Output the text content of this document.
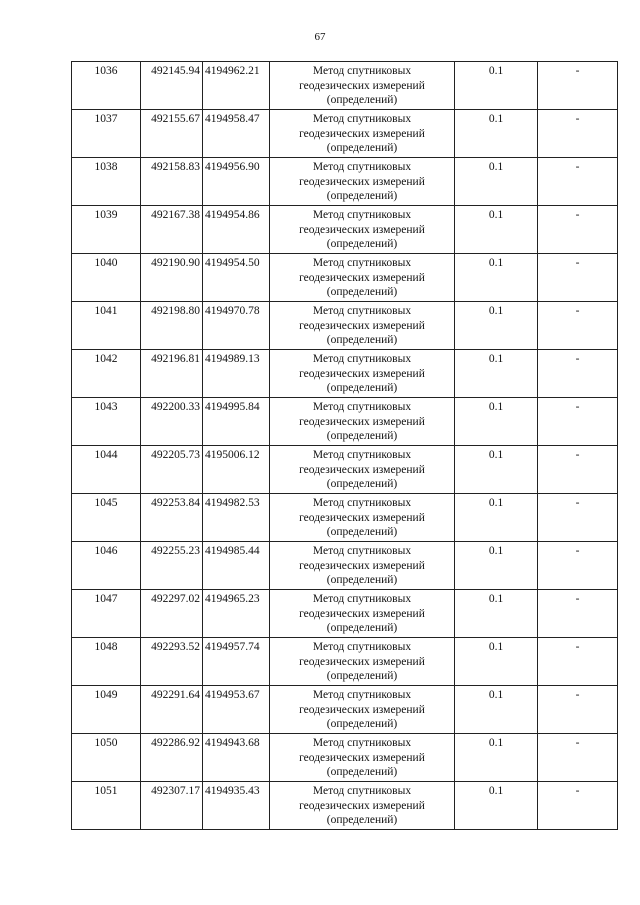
67
1036	492145.94	4194962.21	Метод спутниковых
геодезических измерений
(определений)	0.1	-
1037	492155.67	4194958.47	Метод спутниковых
геодезических измерений
(определений)	0.1	-
1038	492158.83	4194956.90	Метод спутниковых
геодезических измерений
(определений)	0.1	-
1039	492167.38	4194954.86	Метод спутниковых
геодезических измерений
(определений)	0.1	-
1040	492190.90	4194954.50	Метод спутниковых
геодезических измерений
(определений)	0.1	-
1041	492198.80	4194970.78	Метод спутниковых
геодезических измерений
(определений)	0.1	-
1042	492196.81	4194989.13	Метод спутниковых
геодезических измерений
(определений)	0.1	-
1043	492200.33	4194995.84	Метод спутниковых
геодезических измерений
(определений)	0.1	-
1044	492205.73	4195006.12	Метод спутниковых
геодезических измерений
(определений)	0.1	-
1045	492253.84	4194982.53	Метод спутниковых
геодезических измерений
(определений)	0.1	-
1046	492255.23	4194985.44	Метод спутниковых
геодезических измерений
(определений)	0.1	-
1047	492297.02	4194965.23	Метод спутниковых
геодезических измерений
(определений)	0.1	-
1048	492293.52	4194957.74	Метод спутниковых
геодезических измерений
(определений)	0.1	-
1049	492291.64	4194953.67	Метод спутниковых
геодезических измерений
(определений)	0.1	-
1050	492286.92	4194943.68	Метод спутниковых
геодезических измерений
(определений)	0.1	-
1051	492307.17	4194935.43	Метод спутниковых
геодезических измерений
(определений)	0.1	-
